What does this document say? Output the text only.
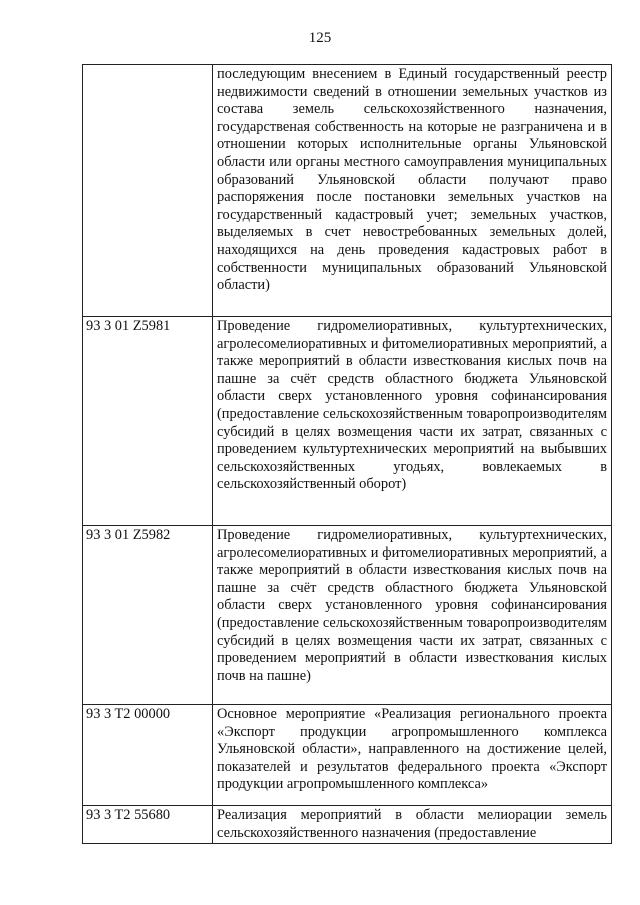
125
	последующим внесением в Единый государственный реестр недвижимости сведений в отношении земельных участков из состава земель сельскохозяйственного назначения, государственая собственность на которые не разграничена и в отношении которых исполнительные органы Ульяновской области или органы местного самоуправления муниципальных образований Ульяновской области получают право распоряжения после постановки земельных участков на государственный кадастровый учет; земельных участков, выделяемых в счет невостребованных земельных долей, находящихся на день проведения кадастровых работ в собственности муниципальных образований Ульяновской области)
93 3 01 Z5981	Проведение гидромелиоративных, культуртехнических, агролесомелиоративных и фитомелиоративных мероприятий, а также мероприятий в области известкования кислых почв на пашне за счёт средств областного бюджета Ульяновской области сверх установленного уровня софинансирования (предоставление сельскохозяйственным товаропроизводителям субсидий в целях возмещения части их затрат, связанных с проведением культуртехнических мероприятий на выбывших сельскохозяйственных угодьях, вовлекаемых в сельскохозяйственный оборот)
93 3 01 Z5982	Проведение гидромелиоративных, культуртехнических, агролесомелиоративных и фитомелиоративных мероприятий, а также мероприятий в области известкования кислых почв на пашне за счёт средств областного бюджета Ульяновской области сверх установленного уровня софинансирования (предоставление сельскохозяйственным товаропроизводителям субсидий в целях возмещения части их затрат, связанных с проведением мероприятий в области известкования кислых почв на пашне)
93 3 T2 00000	Основное мероприятие «Реализация регионального проекта «Экспорт продукции агропромышленного комплекса Ульяновской области», направленного на достижение целей, показателей и результатов федерального проекта «Экспорт продукции агропромышленного комплекса»
93 3 T2 55680	Реализация мероприятий в области мелиорации земель сельскохозяйственного назначения (предоставление
